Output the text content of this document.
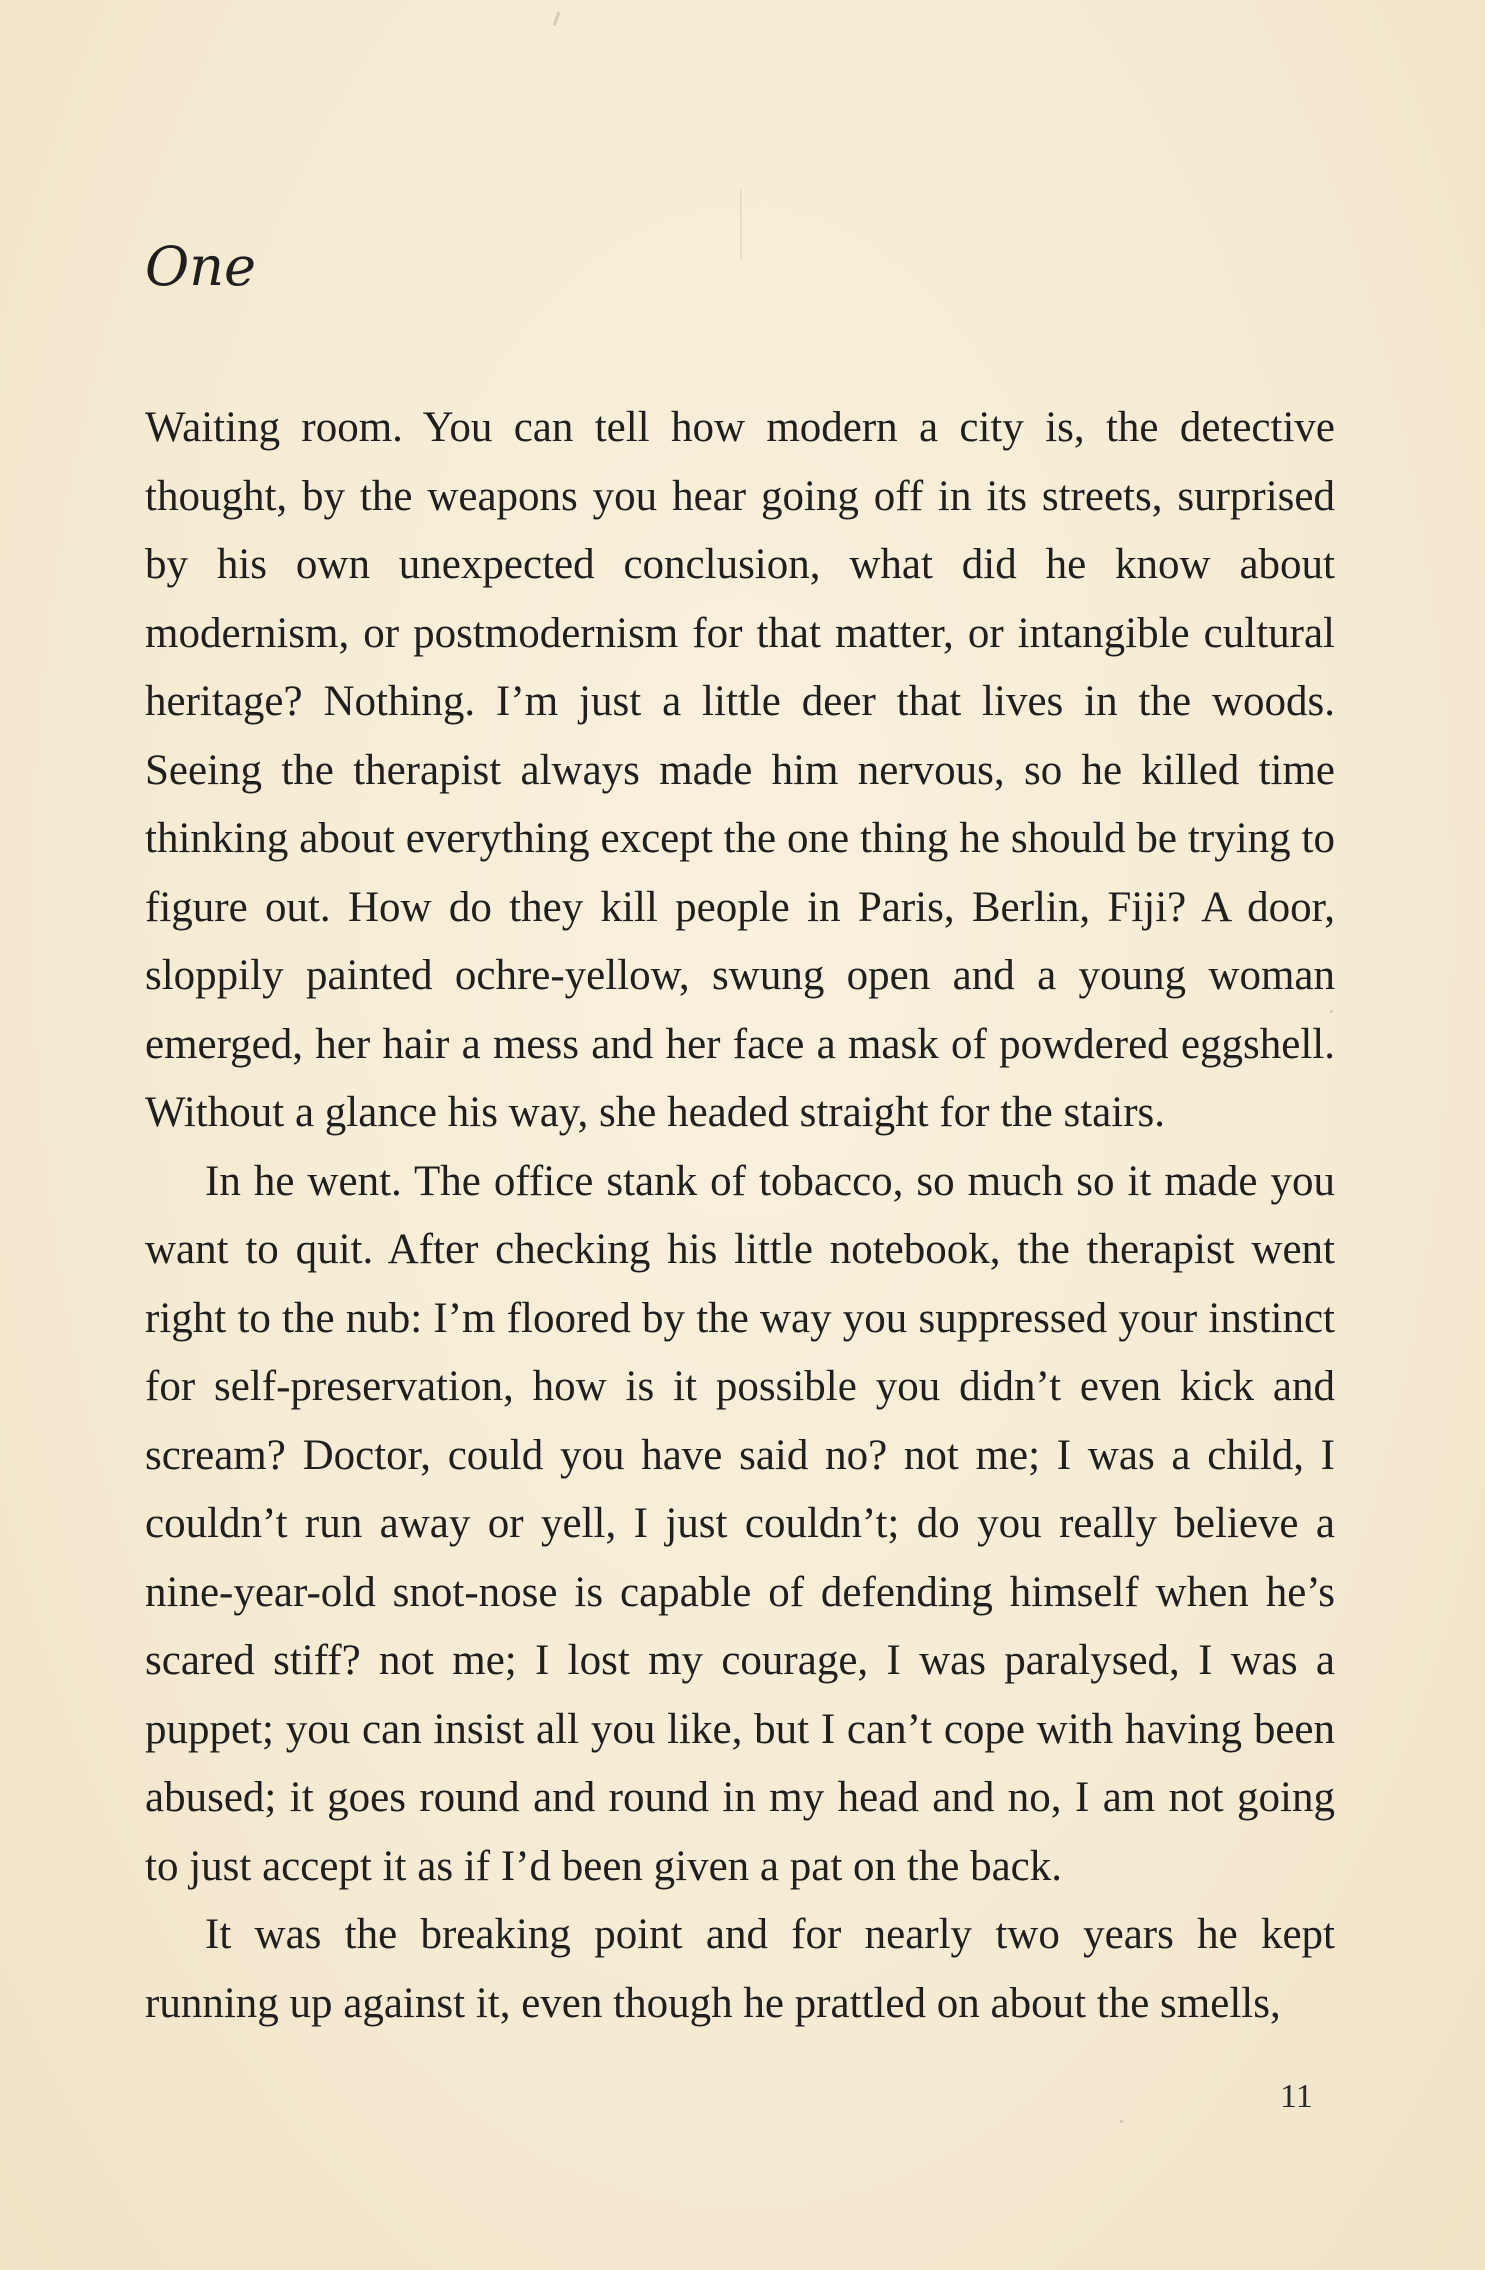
One

Waiting room. You can tell how modern a city is, the detective thought, by the weapons you hear going off in its streets, surprised by his own unexpected conclusion, what did he know about modernism, or postmodernism for that matter, or intangible cultural heritage? Nothing. I’m just a little deer that lives in the woods. Seeing the therapist always made him nervous, so he killed time thinking about everything except the one thing he should be trying to figure out. How do they kill people in Paris, Berlin, Fiji? A door, sloppily painted ochre-yellow, swung open and a young woman emerged, her hair a mess and her face a mask of powdered eggshell. Without a glance his way, she headed straight for the stairs.

In he went. The office stank of tobacco, so much so it made you want to quit. After checking his little notebook, the therapist went right to the nub: I’m floored by the way you suppressed your instinct for self-preservation, how is it possible you didn’t even kick and scream? Doctor, could you have said no? not me; I was a child, I couldn’t run away or yell, I just couldn’t; do you really believe a nine-year-old snot-nose is capable of defending himself when he’s scared stiff? not me; I lost my courage, I was paralysed, I was a puppet; you can insist all you like, but I can’t cope with having been abused; it goes round and round in my head and no, I am not going to just accept it as if I’d been given a pat on the back.

It was the breaking point and for nearly two years he kept running up against it, even though he prattled on about the smells,

11
